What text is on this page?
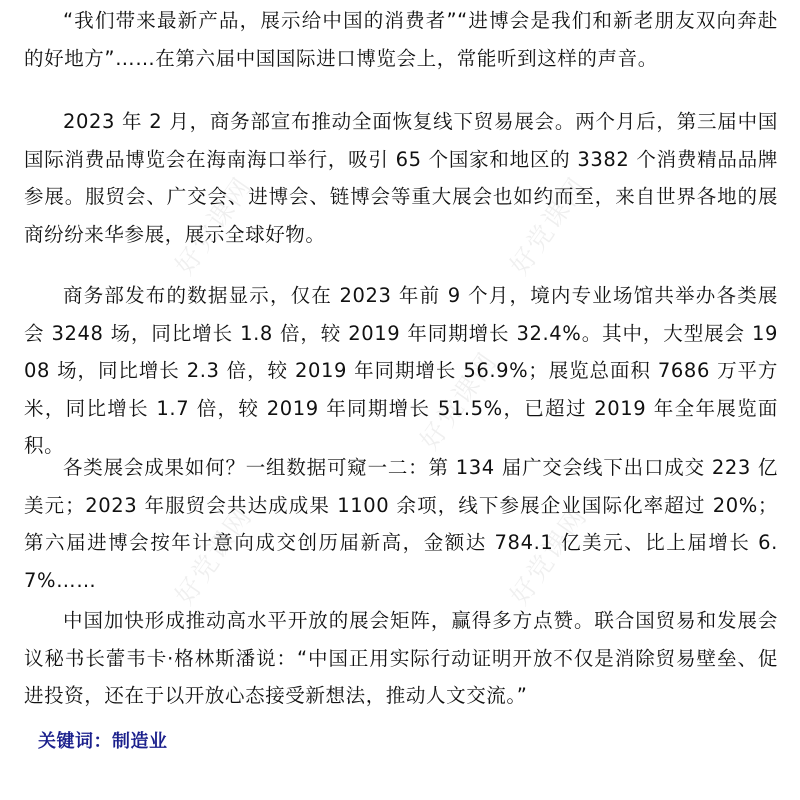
好党课网	好党课网
好党课网	好党课网
好党课网

“我们带来最新产品，展示给中国的消费者”“进博会是我们和新老朋友双向奔赴的好地方”……在第六届中国国际进口博览会上，常能听到这样的声音。

2023 年 2 月，商务部宣布推动全面恢复线下贸易展会。两个月后，第三届中国国际消费品博览会在海南海口举行，吸引 65 个国家和地区的 3382 个消费精品品牌参展。服贸会、广交会、进博会、链博会等重大展会也如约而至，来自世界各地的展商纷纷来华参展，展示全球好物。

商务部发布的数据显示，仅在 2023 年前 9 个月，境内专业场馆共举办各类展会 3248 场，同比增长 1.8 倍，较 2019 年同期增长 32.4%。其中，大型展会 1908 场，同比增长 2.3 倍，较 2019 年同期增长 56.9%；展览总面积 7686 万平方米，同比增长 1.7 倍，较 2019 年同期增长 51.5%，已超过 2019 年全年展览面积。

各类展会成果如何？一组数据可窥一二：第 134 届广交会线下出口成交 223 亿美元；2023 年服贸会共达成成果 1100 余项，线下参展企业国际化率超过 20%；第六届进博会按年计意向成交创历届新高，金额达 784.1 亿美元、比上届增长 6.7%……

中国加快形成推动高水平开放的展会矩阵，赢得多方点赞。联合国贸易和发展会议秘书长蕾韦卡·格林斯潘说：“中国正用实际行动证明开放不仅是消除贸易壁垒、促进投资，还在于以开放心态接受新想法，推动人文交流。”

关键词：制造业
